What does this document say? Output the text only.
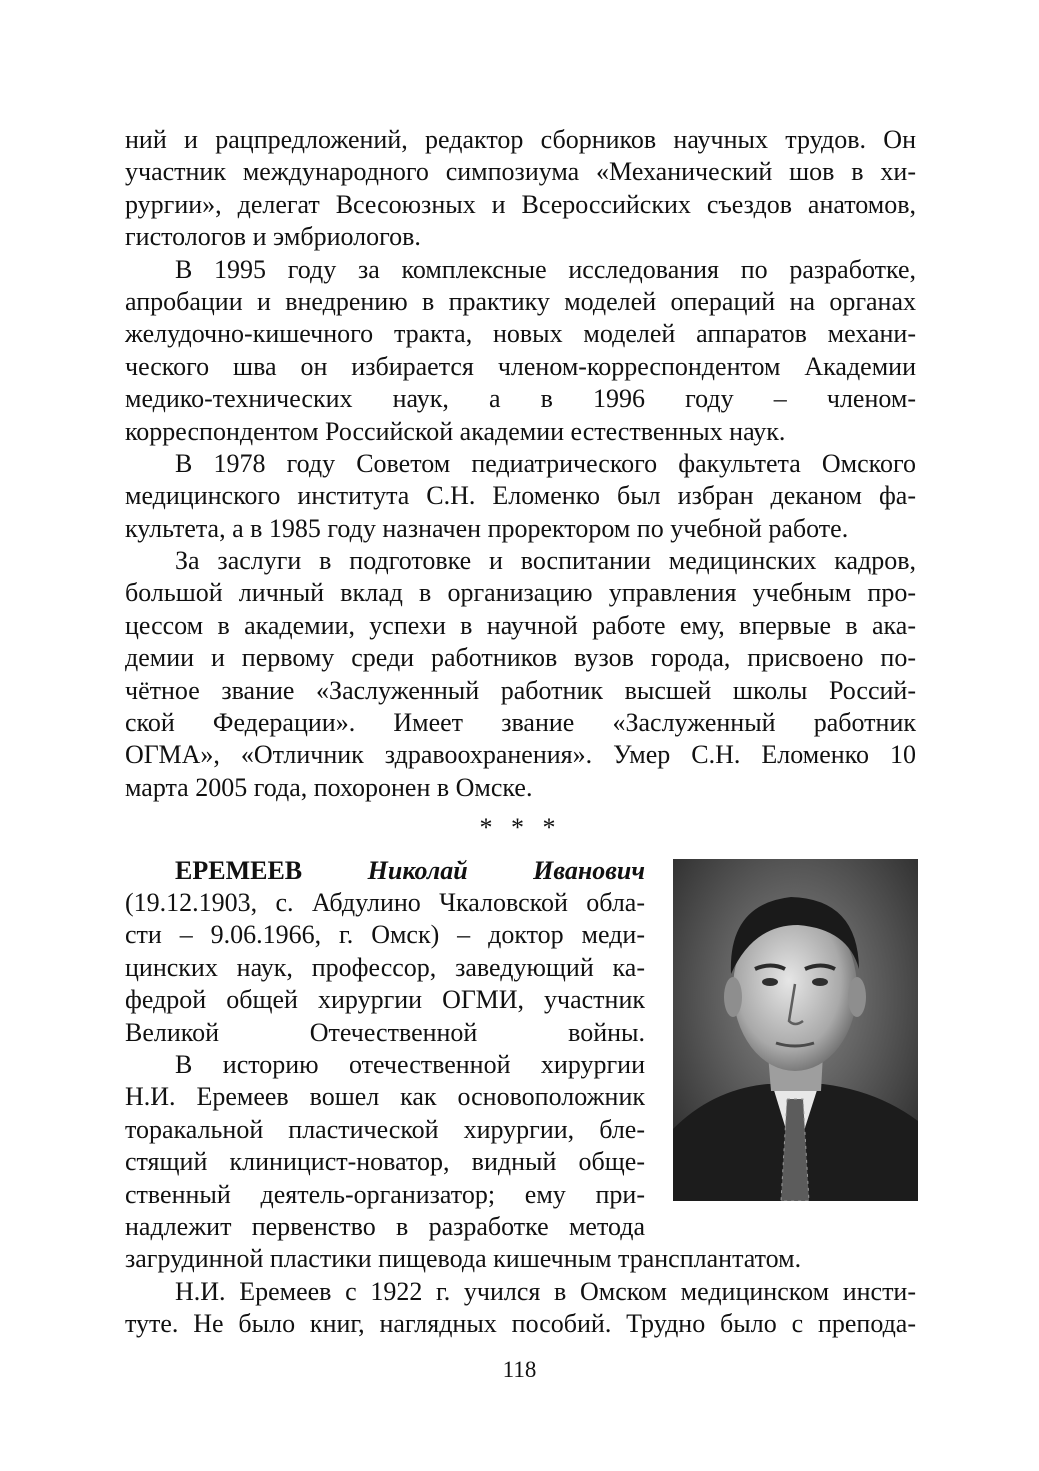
ний и рацпредложений, редактор сборников научных трудов. Он
участник международного симпозиума «Механический шов в хи-
рургии», делегат Всесоюзных и Всероссийских съездов анатомов,
гистологов и эмбриологов.
В 1995 году за комплексные исследования по разработке,
апробации и внедрению в практику моделей операций на органах
желудочно-кишечного тракта, новых моделей аппаратов механи-
ческого шва он избирается членом-корреспондентом Академии
медико-технических наук, а в 1996 году – членом-
корреспондентом Российской академии естественных наук.
В 1978 году Советом педиатрического факультета Омского
медицинского института С.Н. Еломенко был избран деканом фа-
культета, а в 1985 году назначен проректором по учебной работе.
За заслуги в подготовке и воспитании медицинских кадров,
большой личный вклад в организацию управления учебным про-
цессом в академии, успехи в научной работе ему, впервые в ака-
демии и первому среди работников вузов города, присвоено по-
чётное звание «Заслуженный работник высшей школы Россий-
ской Федерации». Имеет звание «Заслуженный работник
ОГМА», «Отличник здравоохранения». Умер С.Н. Еломенко 10
марта 2005 года, похоронен в Омске.
* * *
ЕРЕМЕЕВ	Николай	Иванович
(19.12.1903, с. Абдулино Чкаловской обла-
сти – 9.06.1966, г. Омск) – доктор меди-
цинских наук, профессор, заведующий ка-
федрой общей хирургии ОГМИ, участник
Великой Отечественной войны.
В историю отечественной хирургии
Н.И. Еремеев вошел как основоположник
торакальной пластической хирургии, бле-
стящий клиницист-новатор, видный обще-
ственный деятель-организатор; ему при-
надлежит первенство в разработке метода
загрудинной пластики пищевода кишечным трансплантатом.
Н.И. Еремеев с 1922 г. учился в Омском медицинском инсти-
туте. Не было книг, наглядных пособий. Трудно было с препода-
118
